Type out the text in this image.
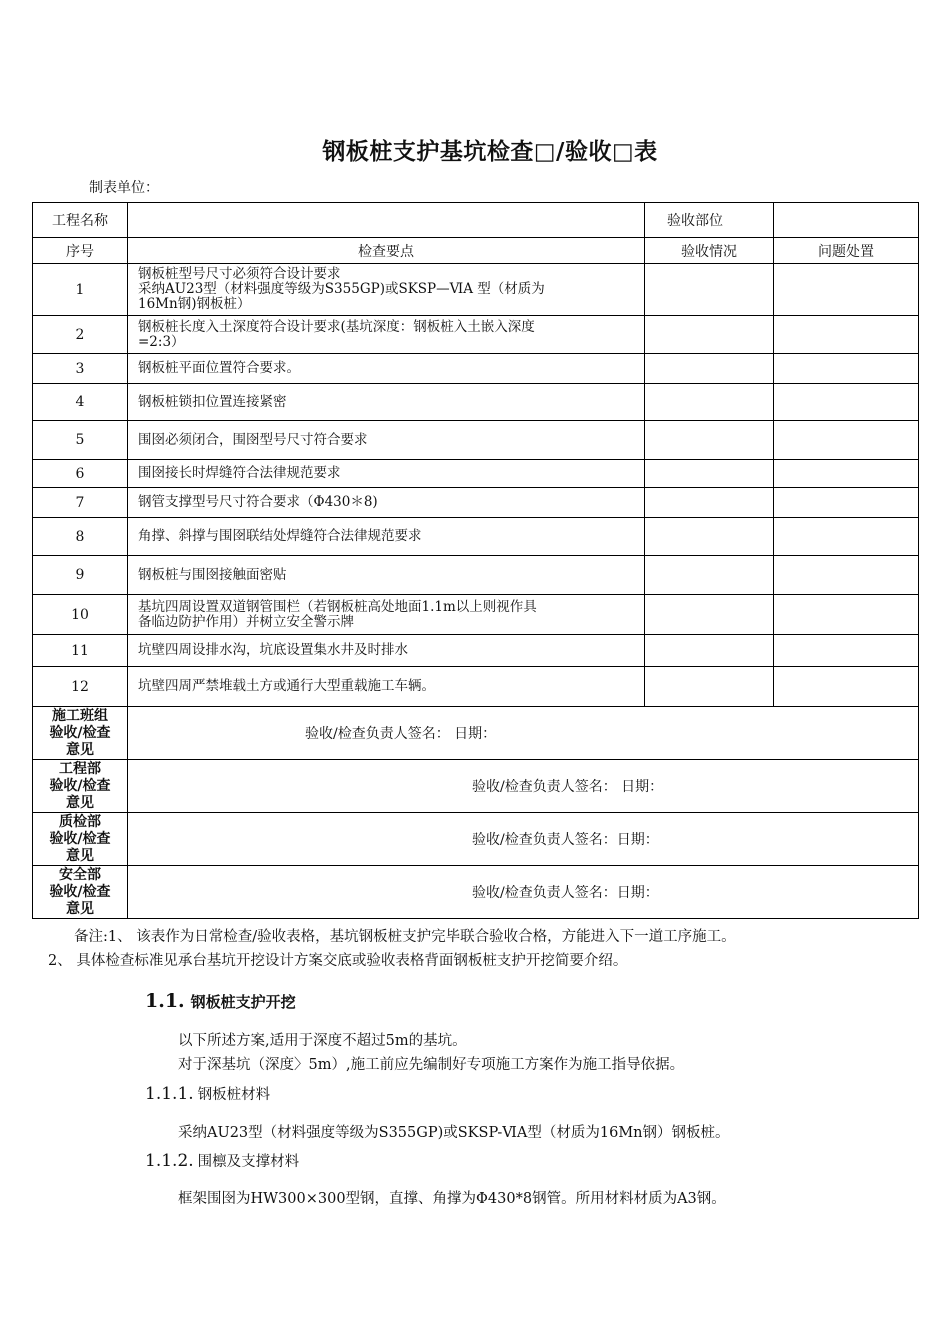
钢板桩支护基坑检查□/验收□表
制表单位：
工程名称		验收部位	
序号	检查要点	验收情况	问题处置
1	钢板桩型号尺寸必须符合设计要求
采纳AU23型（材料强度等级为S355GP)或SKSP—ⅥA 型（材质为
16Mn钢)钢板桩）		

2	钢板桩长度入土深度符合设计要求(基坑深度：钢板桩入土嵌入深度
=2:3）		

3	钢板桩平面位置符合要求。		

4	钢板桩锁扣位置连接紧密		

5	围囹必须闭合，围囹型号尺寸符合要求		

6	围囹接长时焊缝符合法律规范要求		

7	钢管支撑型号尺寸符合要求（Φ430＊8)		

8	角撑、斜撑与围囹联结处焊缝符合法律规范要求		

9	钢板桩与围囹接触面密贴		

10	基坑四周设置双道钢管围栏（若钢板桩高处地面1.1m以上则视作具
备临边防护作用）并树立安全警示牌		

11	坑壁四周设排水沟，坑底设置集水井及时排水		

12	坑壁四周严禁堆载土方或通行大型重载施工车辆。		

施工班组
验收/检查
意见	验收/检查负责人签名： 日期：		

工程部
验收/检查
意见	验收/检查负责人签名： 日期：		

质检部
验收/检查
意见	验收/检查负责人签名：日期：		

安全部
验收/检查
意见	验收/检查负责人签名：日期：		
备注:1、 该表作为日常检查/验收表格，基坑钢板桩支护完毕联合验收合格，方能进入下一道工序施工。
2、 具体检查标准见承台基坑开挖设计方案交底或验收表格背面钢板桩支护开挖简要介绍。
1.1. 钢板桩支护开挖
以下所述方案,适用于深度不超过5m的基坑。
对于深基坑（深度〉5m）,施工前应先编制好专项施工方案作为施工指导依据。
1.1.1. 钢板桩材料
采纳AU23型（材料强度等级为S355GP)或SKSP-ⅥA型（材质为16Mn钢）钢板桩。
1.1.2. 围檩及支撑材料
框架围囹为HW300×300型钢，直撑、角撑为Φ430*8钢管。所用材料材质为A3钢。
